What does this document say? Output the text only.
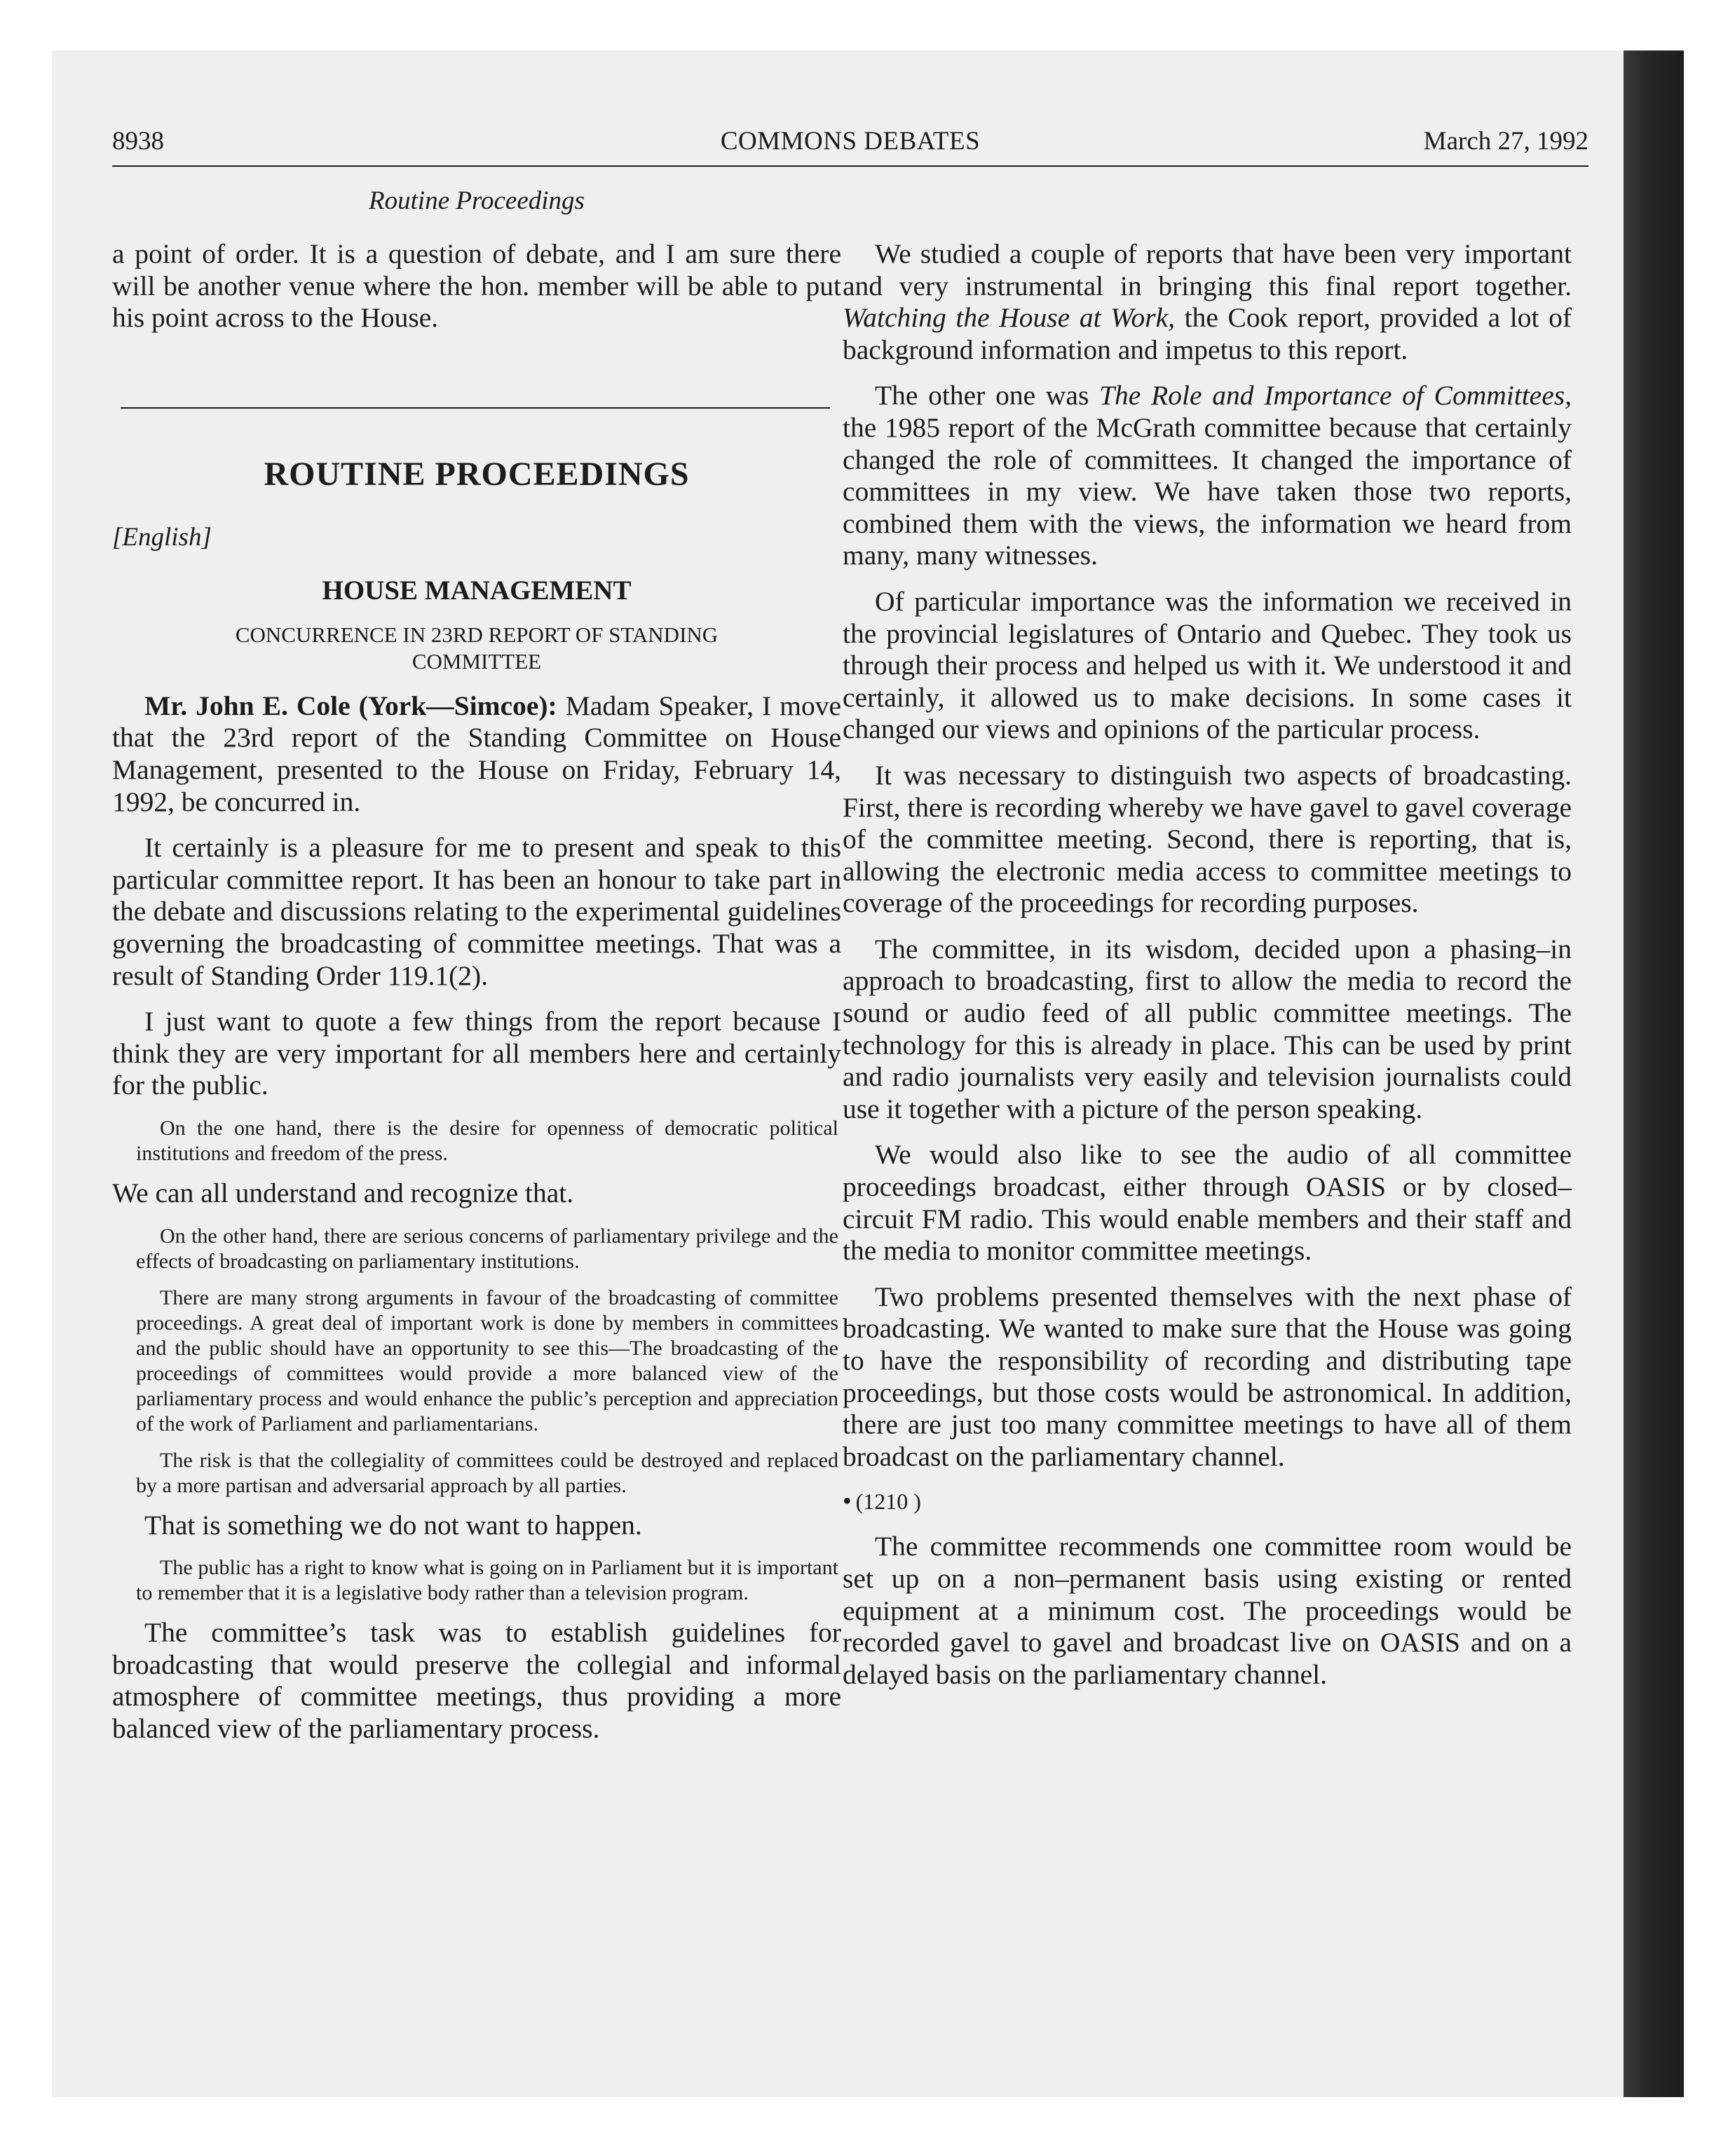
8938	COMMONS DEBATES	March 27, 1992
Routine Proceedings

a point of order. It is a question of debate, and I am sure there will be another venue where the hon. member will be able to put his point across to the House.

ROUTINE PROCEEDINGS
[English]
HOUSE MANAGEMENT
CONCURRENCE IN 23RD REPORT OF STANDING COMMITTEE

Mr. John E. Cole (York—Simcoe): Madam Speaker, I move that the 23rd report of the Standing Committee on House Management, presented to the House on Friday, February 14, 1992, be concurred in.

It certainly is a pleasure for me to present and speak to this particular committee report. It has been an honour to take part in the debate and discussions relating to the experimental guidelines governing the broadcasting of committee meetings. That was a result of Standing Order 119.1(2).

I just want to quote a few things from the report because I think they are very important for all members here and certainly for the public.

On the one hand, there is the desire for openness of democratic political institutions and freedom of the press.

We can all understand and recognize that.

On the other hand, there are serious concerns of parliamentary privilege and the effects of broadcasting on parliamentary institutions.

There are many strong arguments in favour of the broadcasting of committee proceedings. A great deal of important work is done by members in committees and the public should have an opportunity to see this—The broadcasting of the proceedings of committees would provide a more balanced view of the parliamentary process and would enhance the public’s perception and appreciation of the work of Parliament and parliamentarians.

The risk is that the collegiality of committees could be destroyed and replaced by a more partisan and adversarial approach by all parties.

That is something we do not want to happen.

The public has a right to know what is going on in Parliament but it is important to remember that it is a legislative body rather than a television program.

The committee’s task was to establish guidelines for broadcasting that would preserve the collegial and informal atmosphere of committee meetings, thus providing a more balanced view of the parliamentary process.

We studied a couple of reports that have been very important and very instrumental in bringing this final report together. Watching the House at Work, the Cook report, provided a lot of background information and impetus to this report.

The other one was The Role and Importance of Committees, the 1985 report of the McGrath committee because that certainly changed the role of committees. It changed the importance of committees in my view. We have taken those two reports, combined them with the views, the information we heard from many, many witnesses.

Of particular importance was the information we received in the provincial legislatures of Ontario and Quebec. They took us through their process and helped us with it. We understood it and certainly, it allowed us to make decisions. In some cases it changed our views and opinions of the particular process.

It was necessary to distinguish two aspects of broadcasting. First, there is recording whereby we have gavel to gavel coverage of the committee meeting. Second, there is reporting, that is, allowing the electronic media access to committee meetings to coverage of the proceedings for recording purposes.

The committee, in its wisdom, decided upon a phasing–in approach to broadcasting, first to allow the media to record the sound or audio feed of all public committee meetings. The technology for this is already in place. This can be used by print and radio journalists very easily and television journalists could use it together with a picture of the person speaking.

We would also like to see the audio of all committee proceedings broadcast, either through OASIS or by closed–circuit FM radio. This would enable members and their staff and the media to monitor committee meetings.

Two problems presented themselves with the next phase of broadcasting. We wanted to make sure that the House was going to have the responsibility of recording and distributing tape proceedings, but those costs would be astronomical. In addition, there are just too many committee meetings to have all of them broadcast on the parliamentary channel.

• (1210 )

The committee recommends one committee room would be set up on a non–permanent basis using existing or rented equipment at a minimum cost. The proceedings would be recorded gavel to gavel and broadcast live on OASIS and on a delayed basis on the parliamentary channel.
